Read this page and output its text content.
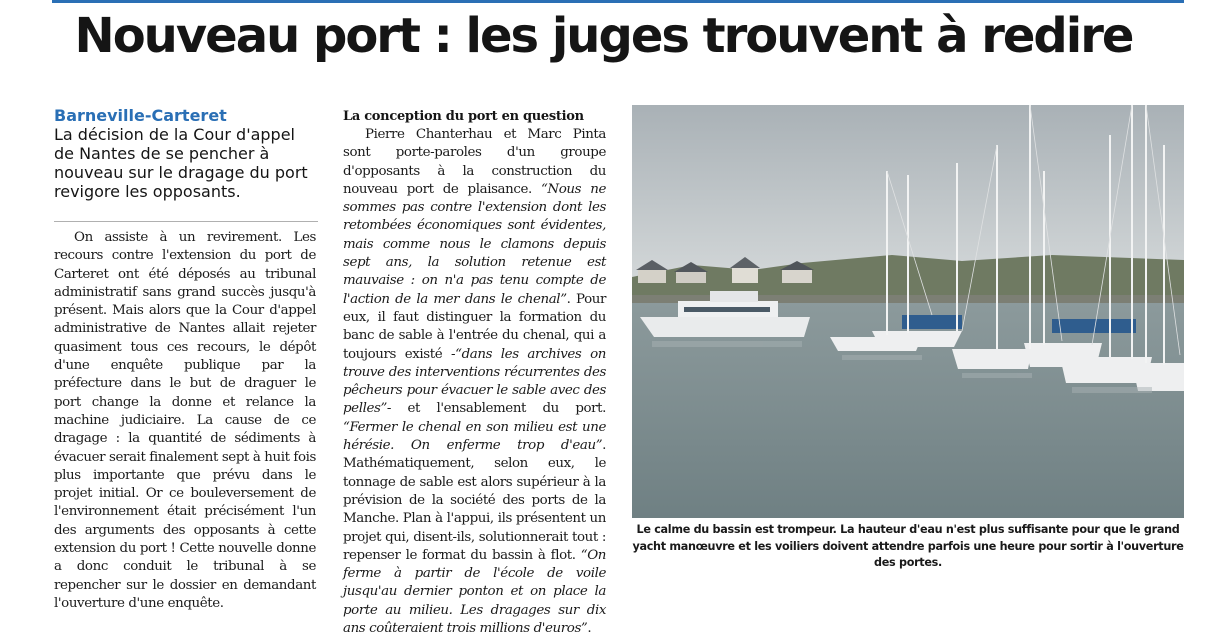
Nouveau port : les juges trouvent à redire
Barneville-Carteret
La décision de la Cour d'appel de Nantes de se pencher à nouveau sur le dragage du port revigore les opposants.
On assiste à un revirement. Les recours contre l'extension du port de Carteret ont été déposés au tribunal administratif sans grand succès jusqu'à présent. Mais alors que la Cour d'appel administrative de Nantes allait rejeter quasiment tous ces recours, le dépôt d'une enquête publique par la préfecture dans le but de draguer le port change la donne et relance la machine judiciaire. La cause de ce dragage : la quantité de sédiments à évacuer serait finalement sept à huit fois plus importante que prévu dans le projet initial. Or ce bouleversement de l'environnement était précisément l'un des arguments des opposants à cette extension du port ! Cette nouvelle donne a donc conduit le tribunal à se repencher sur le dossier en demandant l'ouverture d'une enquête.
La conception du port en question
Pierre Chanterhau et Marc Pinta sont porte-paroles d'un groupe d'opposants à la construction du nouveau port de plaisance. “Nous ne sommes pas contre l'extension dont les retombées économiques sont évidentes, mais comme nous le clamons depuis sept ans, la solution retenue est mauvaise : on n'a pas tenu compte de l'action de la mer dans le chenal”. Pour eux, il faut distinguer la formation du banc de sable à l'entrée du chenal, qui a toujours existé -“dans les archives on trouve des interventions récurrentes des pêcheurs pour évacuer le sable avec des pelles”- et l'ensablement du port. “Fermer le chenal en son milieu est une hérésie. On enferme trop d'eau”. Mathématiquement, selon eux, le tonnage de sable est alors supérieur à la prévision de la société des ports de la Manche. Plan à l'appui, ils présentent un projet qui, disent-ils, solutionnerait tout : repenser le format du bassin à flot. “On ferme à partir de l'école de voile jusqu'au dernier ponton et on place la porte au milieu. Les dragages sur dix ans coûteraient trois millions d'euros”.
Le calme du bassin est trompeur. La hauteur d'eau n'est plus suffisante pour que le grand yacht manœuvre et les voiliers doivent attendre parfois une heure pour sortir à l'ouverture des portes.
